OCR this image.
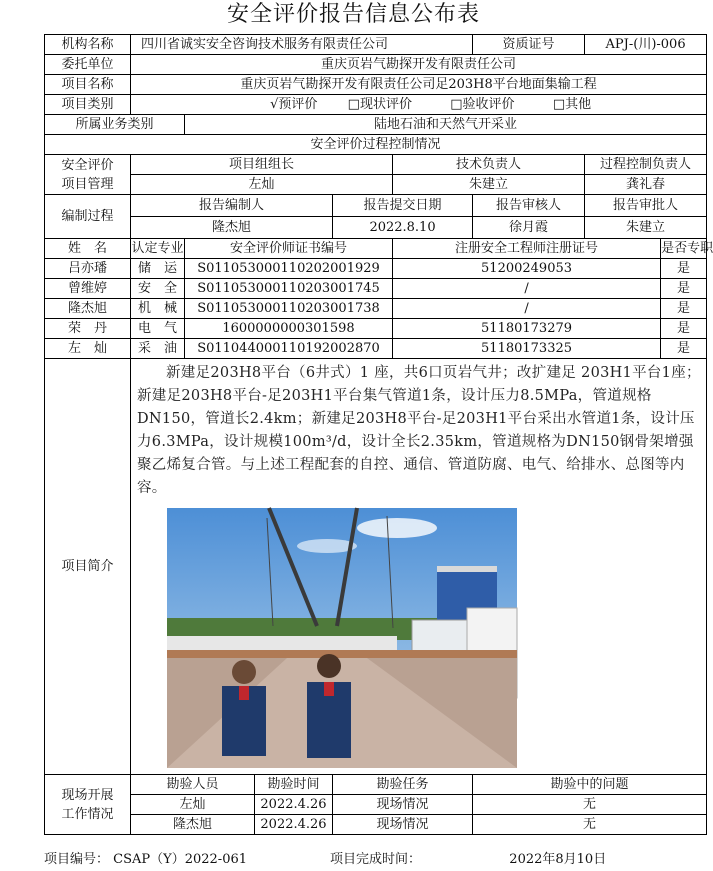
安全评价报告信息公布表
机构名称	四川省诚实安全咨询技术服务有限责任公司					资质证号	APJ-(川)-006	
委托单位	重庆页岩气勘探开发有限责任公司							
项目名称	重庆页岩气勘探开发有限责任公司足203H8平台地面集输工程							
项目类别	√预评价 □现状评价 □验收评价 □其他							
所属业务类别		陆地石油和天然气开采业						
安全评价过程控制情况								

安全评价
项目管理	项目组组长				技术负责人		过程控制负责人	
	左灿				朱建立		龚礼春	
编制过程	报告编制人			报告提交日期		报告审核人	报告审批人	
	隆杰旭			2022.8.10		徐月霞	朱建立	
姓　名	认定专业	安全评价师证书编号			注册安全工程师注册证号			是否专职
吕亦璠	储　运	S011053000110202001929			51200249053			是
曾维婷	安　全	S011053000110203001745			/			是
隆杰旭	机　械	S011053000110203001738			/			是
荣　丹	电　气	1600000000301598			51180173279			是
左　灿	采　油	S011044000110192002870			51180173325			是
项目简介	新建足203H8平台（6井式）1 座，共6口页岩气井；改扩建足 203H1平台1座；新建足203H8平台-足203H1平台集气管道1条，设计压力8.5MPa，管道规格DN150，管道长2.4km；新建足203H8平台-足203H1平台采出水管道1条，设计压力6.3MPa，设计规模100m³/d，设计全长2.35km，管道规格为DN150钢骨架增强聚乙烯复合管。与上述工程配套的自控、通信、管道防腐、电气、给排水、总图等内容。							

现场开展
工作情况	勘验人员		勘验时间	勘验任务		勘验中的问题		
	左灿		2022.4.26	现场情况		无		
	隆杰旭		2022.4.26	现场情况		无		
项目编号： CSAP（Y）2022-061	项目完成时间：	2022年8月10日
